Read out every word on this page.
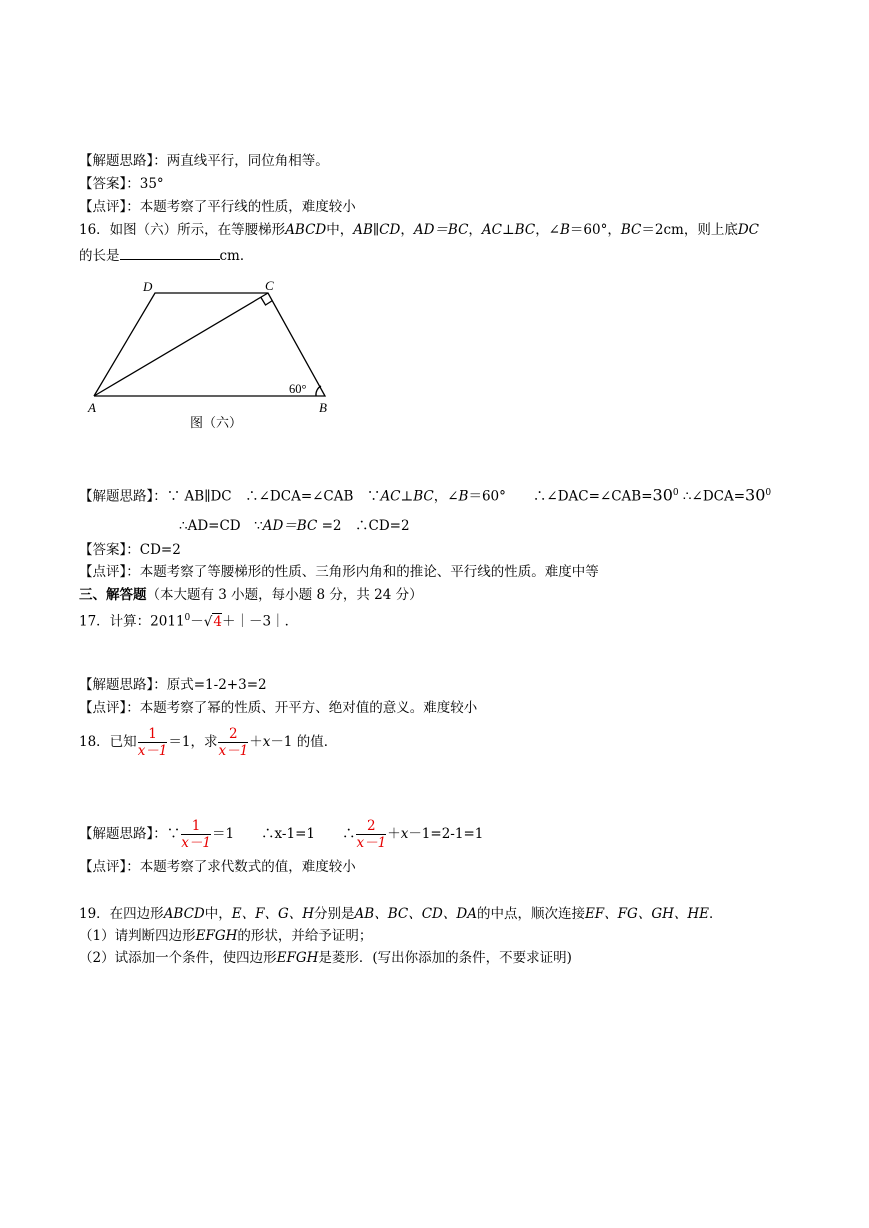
【解题思路】：两直线平行，同位角相等。
【答案】：35°
【点评】：本题考察了平行线的性质，难度较小
16．如图（六）所示，在等腰梯形ABCD中，AB∥CD，AD＝BC，AC⊥BC，∠B＝60°，BC＝2cm，则上底DC
的长是	cm．
D	C
A	B
60°
图（六）
【解题思路】：∵ AB∥DC　∴∠DCA=∠CAB　∵AC⊥BC，∠B＝60°　　$\therefore\angle DAC=\angle CAB=30^0$ $\therefore\angle DCA=30^0$
∴AD=CD　∵AD＝BC =2　∴CD=2
【答案】：CD=2
【点评】：本题考察了等腰梯形的性质、三角形内角和的推论、平行线的性质。难度中等
三、解答题（本大题有 3 小题，每小题 8 分，共 24 分）
17．计算：$2011^0-√4+|-3|$．
【解题思路】：原式=1-2+3=2
【点评】：本题考察了幂的性质、开平方、绝对值的意义。难度较小
18．已知 $\frac{1}{x-1} =1$，求 $\frac{2}{x-1} +x-1$ 的值．
【解题思路】：∵ $\frac{1}{x-1} =1$　　∴x-1=1　　∴ $\frac{2}{x-1} +x-1=2-1=1$
【点评】：本题考察了求代数式的值，难度较小
19．在四边形ABCD中，E、F、G、H分别是AB、BC、CD、DA的中点，顺次连接EF、FG、GH、HE．
（1）请判断四边形EFGH的形状，并给予证明；
（2）试添加一个条件，使四边形EFGH是菱形．(写出你添加的条件，不要求证明)
